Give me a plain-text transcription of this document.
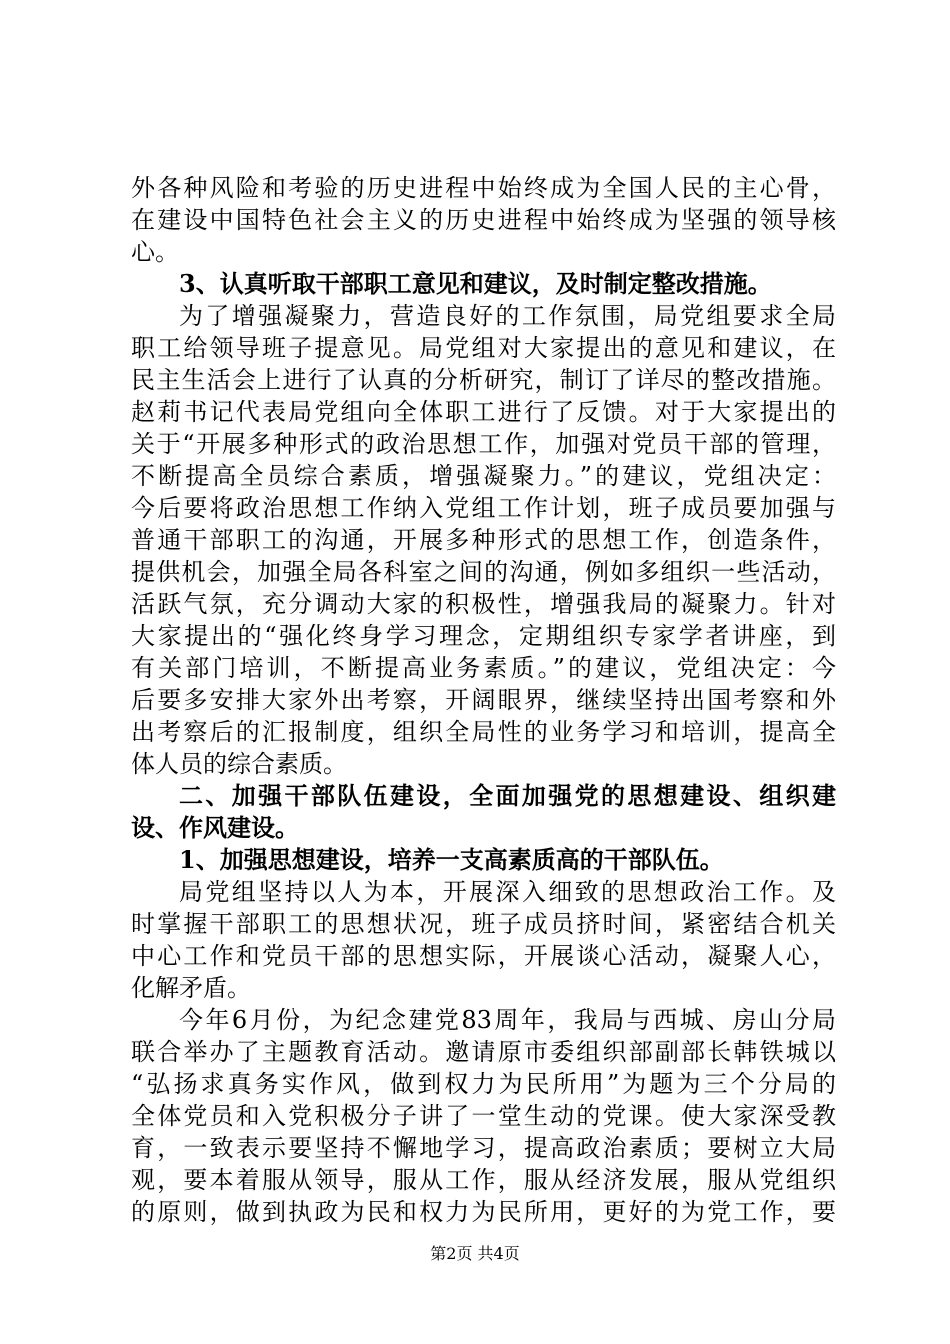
外各种风险和考验的历史进程中始终成为全国人民的主心骨，
在建设中国特色社会主义的历史进程中始终成为坚强的领导核
心。
3、认真听取干部职工意见和建议，及时制定整改措施。
为了增强凝聚力，营造良好的工作氛围，局党组要求全局
职工给领导班子提意见。局党组对大家提出的意见和建议，在
民主生活会上进行了认真的分析研究，制订了详尽的整改措施。
赵莉书记代表局党组向全体职工进行了反馈。对于大家提出的
关于“开展多种形式的政治思想工作，加强对党员干部的管理，
不断提高全员综合素质，增强凝聚力。”的建议，党组决定：
今后要将政治思想工作纳入党组工作计划，班子成员要加强与
普通干部职工的沟通，开展多种形式的思想工作，创造条件，
提供机会，加强全局各科室之间的沟通，例如多组织一些活动，
活跃气氛，充分调动大家的积极性，增强我局的凝聚力。针对
大家提出的“强化终身学习理念，定期组织专家学者讲座，到
有关部门培训，不断提高业务素质。”的建议，党组决定：今
后要多安排大家外出考察，开阔眼界，继续坚持出国考察和外
出考察后的汇报制度，组织全局性的业务学习和培训，提高全
体人员的综合素质。
二、加强干部队伍建设，全面加强党的思想建设、组织建
设、作风建设。
1、加强思想建设，培养一支高素质高的干部队伍。
局党组坚持以人为本，开展深入细致的思想政治工作。及
时掌握干部职工的思想状况，班子成员挤时间，紧密结合机关
中心工作和党员干部的思想实际，开展谈心活动，凝聚人心，
化解矛盾。
今年6月份，为纪念建党83周年，我局与西城、房山分局
联合举办了主题教育活动。邀请原市委组织部副部长韩铁城以
“弘扬求真务实作风，做到权力为民所用”为题为三个分局的
全体党员和入党积极分子讲了一堂生动的党课。使大家深受教
育，一致表示要坚持不懈地学习，提高政治素质；要树立大局
观，要本着服从领导，服从工作，服从经济发展，服从党组织
的原则，做到执政为民和权力为民所用，更好的为党工作，要
第2页 共4页
